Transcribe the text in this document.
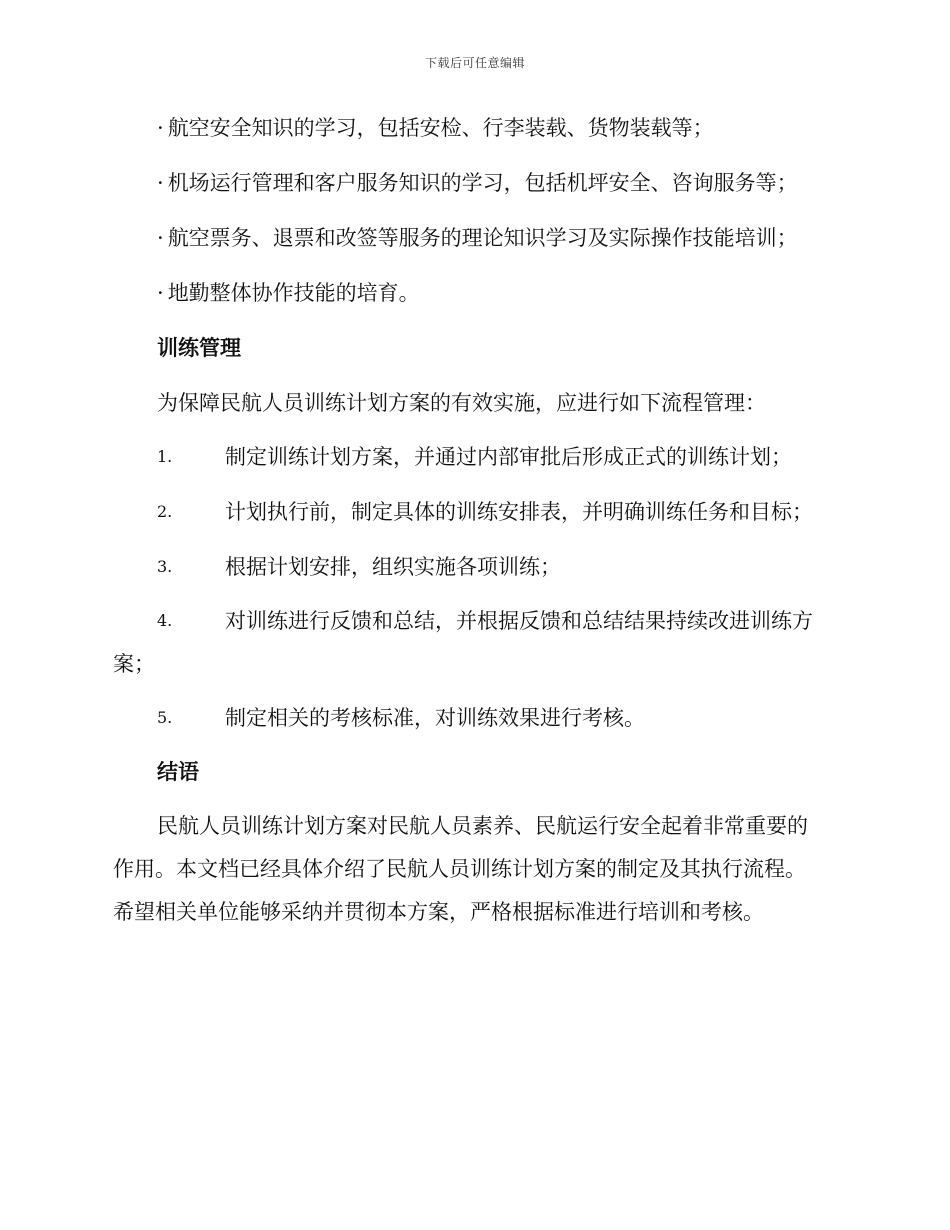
下载后可任意编辑
· 航空安全知识的学习，包括安检、行李装载、货物装载等；
· 机场运行管理和客户服务知识的学习，包括机坪安全、咨询服务等；
· 航空票务、退票和改签等服务的理论知识学习及实际操作技能培训；
· 地勤整体协作技能的培育。
训练管理
为保障民航人员训练计划方案的有效实施，应进行如下流程管理：
1.	制定训练计划方案，并通过内部审批后形成正式的训练计划；
2.	计划执行前，制定具体的训练安排表，并明确训练任务和目标；
3.	根据计划安排，组织实施各项训练；
4.	对训练进行反馈和总结，并根据反馈和总结结果持续改进训练方
案；
5.	制定相关的考核标准，对训练效果进行考核。
结语
民航人员训练计划方案对民航人员素养、民航运行安全起着非常重要的
作用。本文档已经具体介绍了民航人员训练计划方案的制定及其执行流程。
希望相关单位能够采纳并贯彻本方案，严格根据标准进行培训和考核。
